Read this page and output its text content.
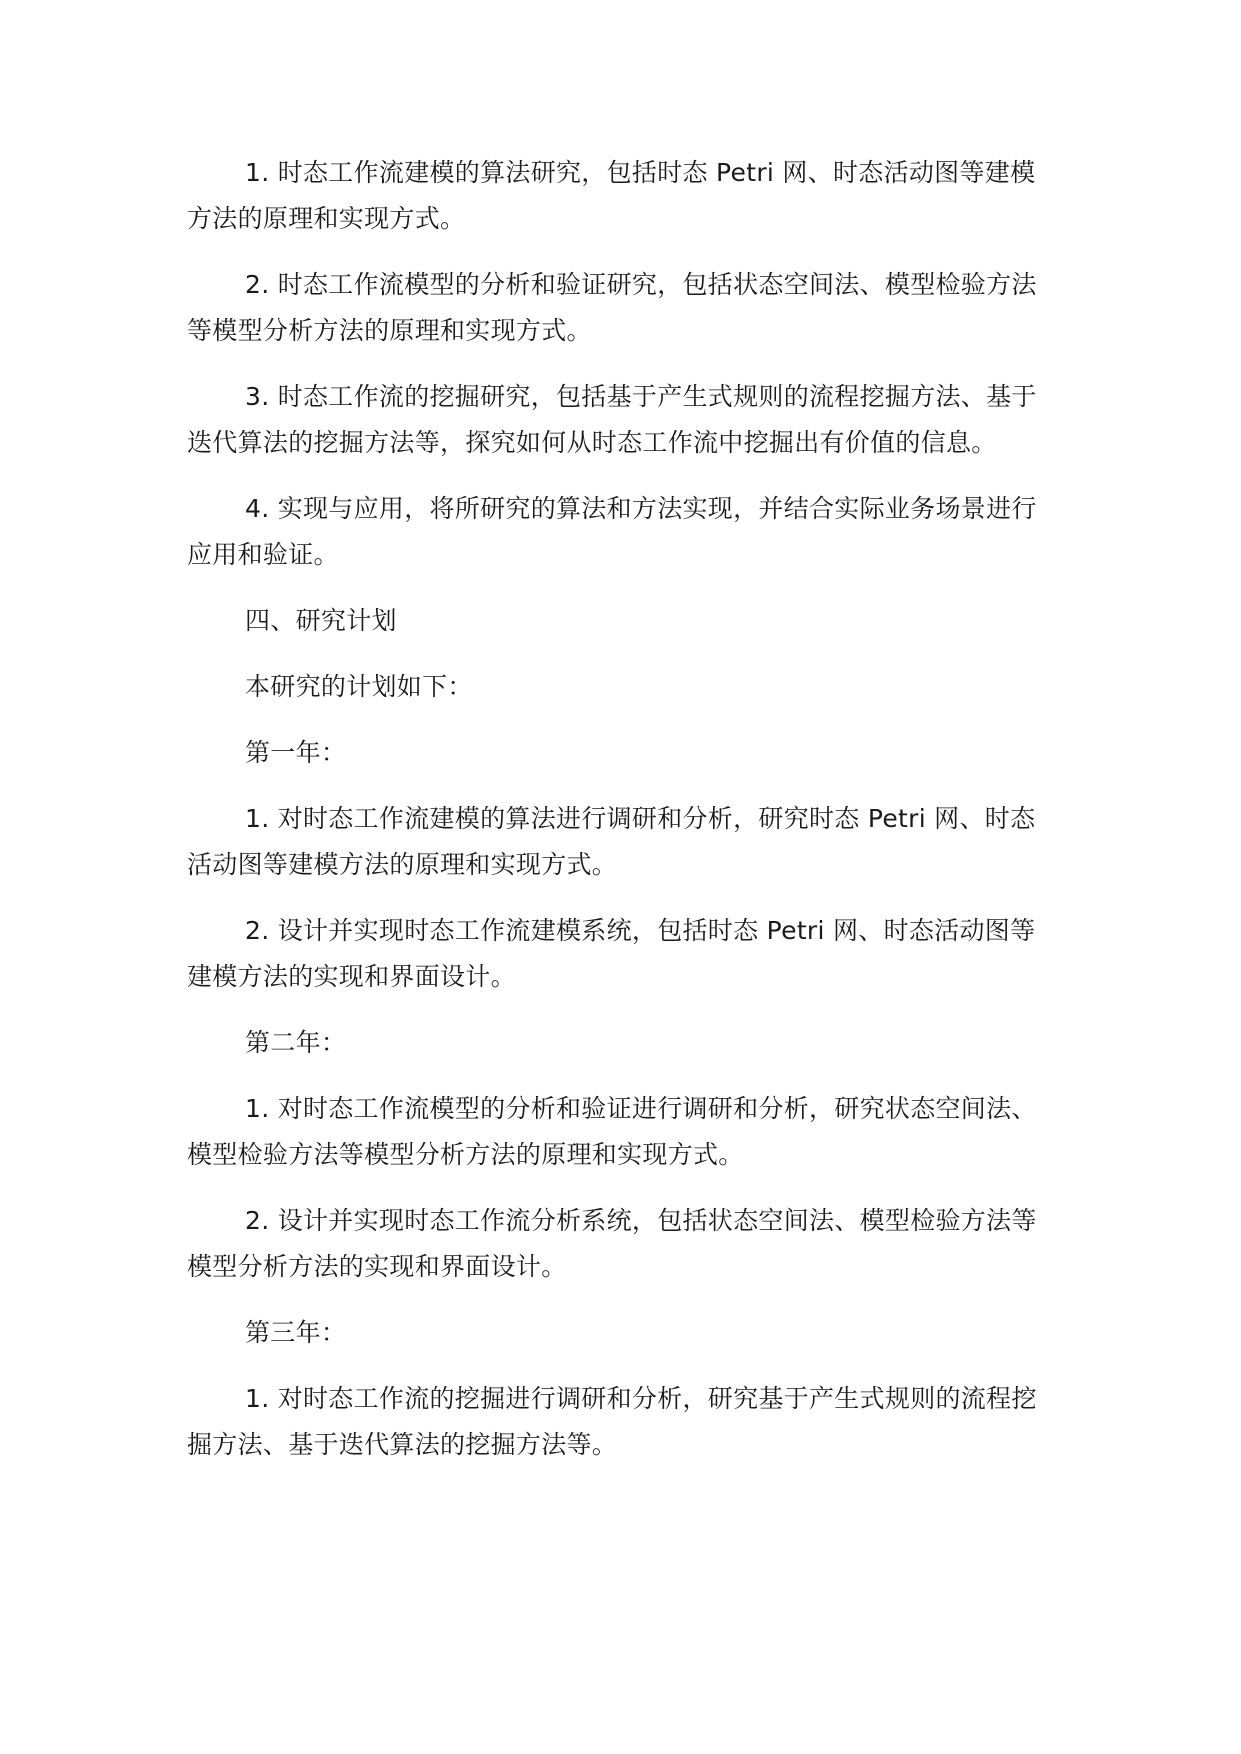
1. 时态工作流建模的算法研究，包括时态 Petri 网、时态活动图等建模方法的原理和实现方式。

2. 时态工作流模型的分析和验证研究，包括状态空间法、模型检验方法等模型分析方法的原理和实现方式。

3. 时态工作流的挖掘研究，包括基于产生式规则的流程挖掘方法、基于迭代算法的挖掘方法等，探究如何从时态工作流中挖掘出有价值的信息。

4. 实现与应用，将所研究的算法和方法实现，并结合实际业务场景进行应用和验证。

四、研究计划

本研究的计划如下：

第一年：

1. 对时态工作流建模的算法进行调研和分析，研究时态 Petri 网、时态活动图等建模方法的原理和实现方式。

2. 设计并实现时态工作流建模系统，包括时态 Petri 网、时态活动图等建模方法的实现和界面设计。

第二年：

1. 对时态工作流模型的分析和验证进行调研和分析，研究状态空间法、模型检验方法等模型分析方法的原理和实现方式。

2. 设计并实现时态工作流分析系统，包括状态空间法、模型检验方法等模型分析方法的实现和界面设计。

第三年：

1. 对时态工作流的挖掘进行调研和分析，研究基于产生式规则的流程挖掘方法、基于迭代算法的挖掘方法等。
